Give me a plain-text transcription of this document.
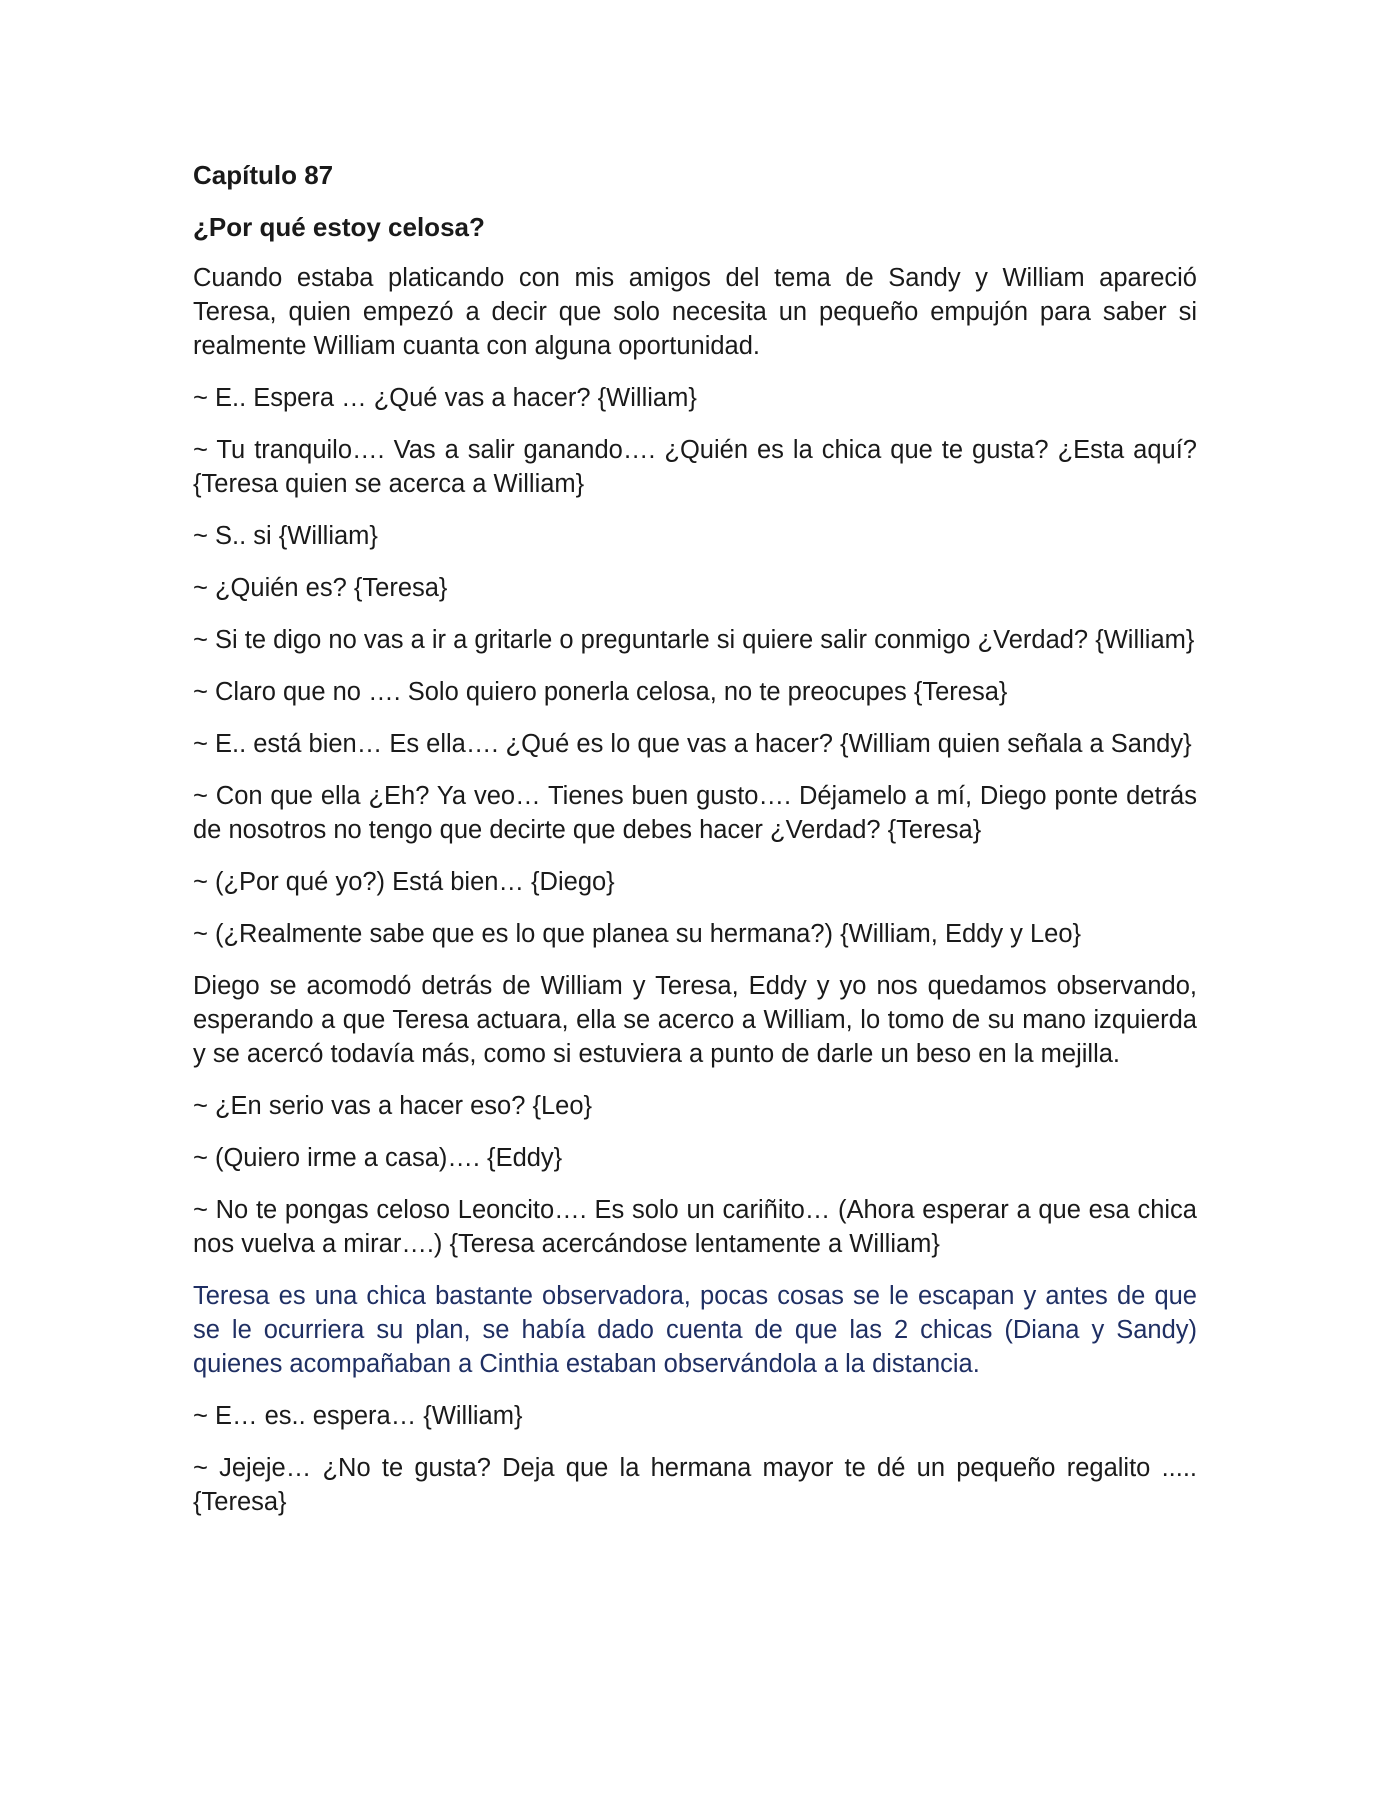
Capítulo 87
¿Por qué estoy celosa?

Cuando estaba platicando con mis amigos del tema de Sandy y William apareció Teresa, quien empezó a decir que solo necesita un pequeño empujón para saber si realmente William cuanta con alguna oportunidad.

~ E.. Espera … ¿Qué vas a hacer? {William}

~ Tu tranquilo…. Vas a salir ganando…. ¿Quién es la chica que te gusta? ¿Esta aquí? {Teresa quien se acerca a William}

~ S.. si {William}

~ ¿Quién es? {Teresa}

~ Si te digo no vas a ir a gritarle o preguntarle si quiere salir conmigo ¿Verdad? {William}

~ Claro que no …. Solo quiero ponerla celosa, no te preocupes {Teresa}

~ E.. está bien… Es ella…. ¿Qué es lo que vas a hacer? {William quien señala a Sandy}

~ Con que ella ¿Eh? Ya veo… Tienes buen gusto…. Déjamelo a mí, Diego ponte detrás de nosotros no tengo que decirte que debes hacer ¿Verdad? {Teresa}

~ (¿Por qué yo?) Está bien… {Diego}

~ (¿Realmente sabe que es lo que planea su hermana?) {William, Eddy y Leo}

Diego se acomodó detrás de William y Teresa, Eddy y yo nos quedamos observando, esperando a que Teresa actuara, ella se acerco a William, lo tomo de su mano izquierda y se acercó todavía más, como si estuviera a punto de darle un beso en la mejilla.

~ ¿En serio vas a hacer eso? {Leo}

~ (Quiero irme a casa)…. {Eddy}

~ No te pongas celoso Leoncito…. Es solo un cariñito… (Ahora esperar a que esa chica nos vuelva a mirar….) {Teresa acercándose lentamente a William}

Teresa es una chica bastante observadora, pocas cosas se le escapan y antes de que se le ocurriera su plan, se había dado cuenta de que las 2 chicas (Diana y Sandy) quienes acompañaban a Cinthia estaban observándola a la distancia.

~ E… es.. espera… {William}

~ Jejeje… ¿No te gusta? Deja que la hermana mayor te dé un pequeño regalito ..... {Teresa}
